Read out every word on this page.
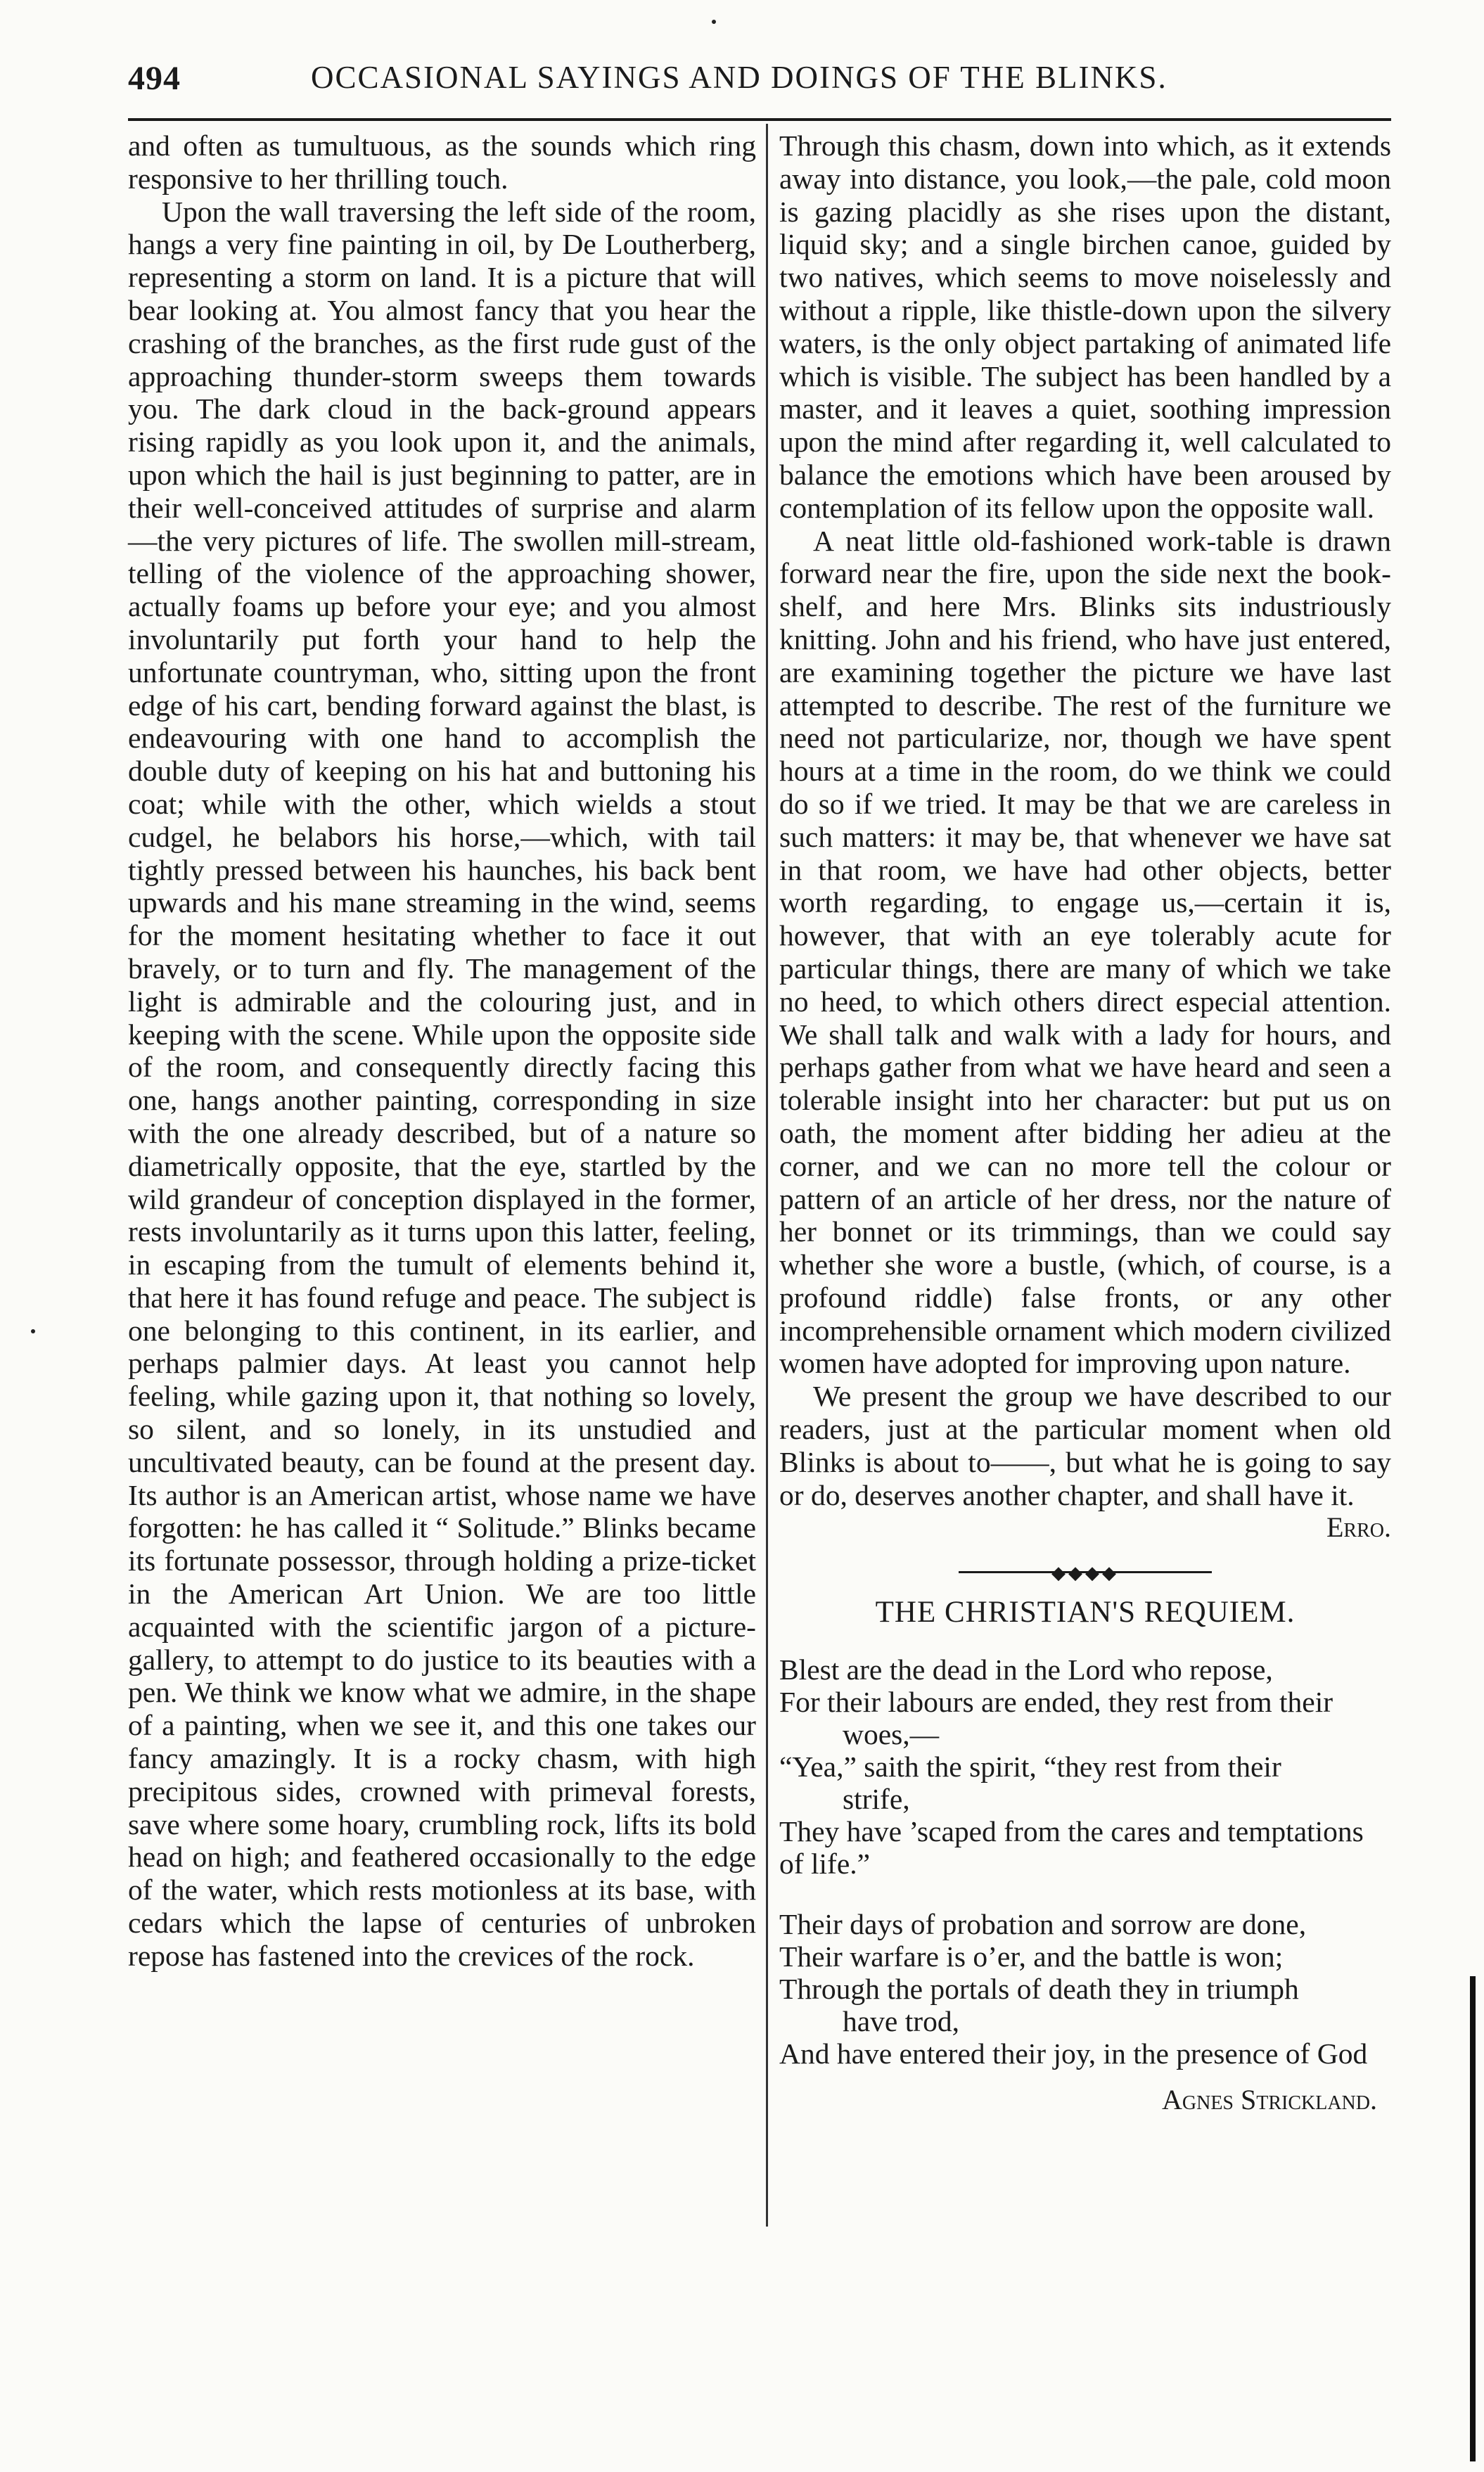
494	OCCASIONAL SAYINGS AND DOINGS OF THE BLINKS.

and often as tumultuous, as the sounds which ring responsive to her thrilling touch.

Upon the wall traversing the left side of the room, hangs a very fine painting in oil, by De Loutherberg, representing a storm on land. It is a picture that will bear looking at. You almost fancy that you hear the crashing of the branches, as the first rude gust of the approaching thunder-storm sweeps them towards you. The dark cloud in the back-ground appears rising rapidly as you look upon it, and the animals, upon which the hail is just beginning to patter, are in their well-conceived attitudes of surprise and alarm—the very pictures of life. The swollen mill-stream, telling of the violence of the approaching shower, actually foams up before your eye; and you almost involuntarily put forth your hand to help the unfortunate countryman, who, sitting upon the front edge of his cart, bending forward against the blast, is endeavouring with one hand to accomplish the double duty of keeping on his hat and buttoning his coat; while with the other, which wields a stout cudgel, he belabors his horse,—which, with tail tightly pressed between his haunches, his back bent upwards and his mane streaming in the wind, seems for the moment hesitating whether to face it out bravely, or to turn and fly. The management of the light is admirable and the colouring just, and in keeping with the scene. While upon the opposite side of the room, and consequently directly facing this one, hangs another painting, corresponding in size with the one already described, but of a nature so diametrically opposite, that the eye, startled by the wild grandeur of conception displayed in the former, rests involuntarily as it turns upon this latter, feeling, in escaping from the tumult of elements behind it, that here it has found refuge and peace. The subject is one belonging to this continent, in its earlier, and perhaps palmier days. At least you cannot help feeling, while gazing upon it, that nothing so lovely, so silent, and so lonely, in its unstudied and uncultivated beauty, can be found at the present day. Its author is an American artist, whose name we have forgotten: he has called it “ Solitude.” Blinks became its fortunate possessor, through holding a prize-ticket in the American Art Union. We are too little acquainted with the scientific jargon of a picture-gallery, to attempt to do justice to its beauties with a pen. We think we know what we admire, in the shape of a painting, when we see it, and this one takes our fancy amazingly. It is a rocky chasm, with high precipitous sides, crowned with primeval forests, save where some hoary, crumbling rock, lifts its bold head on high; and feathered occasionally to the edge of the water, which rests motionless at its base, with cedars which the lapse of centuries of unbroken repose has fastened into the crevices of the rock.

Through this chasm, down into which, as it extends away into distance, you look,—the pale, cold moon is gazing placidly as she rises upon the distant, liquid sky; and a single birchen canoe, guided by two natives, which seems to move noiselessly and without a ripple, like thistle-down upon the silvery waters, is the only object partaking of animated life which is visible. The subject has been handled by a master, and it leaves a quiet, soothing impression upon the mind after regarding it, well calculated to balance the emotions which have been aroused by contemplation of its fellow upon the opposite wall.

A neat little old-fashioned work-table is drawn forward near the fire, upon the side next the book-shelf, and here Mrs. Blinks sits industriously knitting. John and his friend, who have just entered, are examining together the picture we have last attempted to describe. The rest of the furniture we need not particularize, nor, though we have spent hours at a time in the room, do we think we could do so if we tried. It may be that we are careless in such matters: it may be, that whenever we have sat in that room, we have had other objects, better worth regarding, to engage us,—certain it is, however, that with an eye tolerably acute for particular things, there are many of which we take no heed, to which others direct especial attention. We shall talk and walk with a lady for hours, and perhaps gather from what we have heard and seen a tolerable insight into her character: but put us on oath, the moment after bidding her adieu at the corner, and we can no more tell the colour or pattern of an article of her dress, nor the nature of her bonnet or its trimmings, than we could say whether she wore a bustle, (which, of course, is a profound riddle) false fronts, or any other incomprehensible ornament which modern civilized women have adopted for improving upon nature.

We present the group we have described to our readers, just at the particular moment when old Blinks is about to——, but what he is going to say or do, deserves another chapter, and shall have it.

Erro.

◆◆◆◆
THE CHRISTIAN'S REQUIEM.
Blest are the dead in the Lord who repose,
For their labours are ended, they rest from their
woes,—
“Yea,” saith the spirit, “they rest from their
strife,
They have ’scaped from the cares and temptations of life.”
Their days of probation and sorrow are done,
Their warfare is o’er, and the battle is won;
Through the portals of death they in triumph
have trod,
And have entered their joy, in the presence of God
Agnes Strickland.
